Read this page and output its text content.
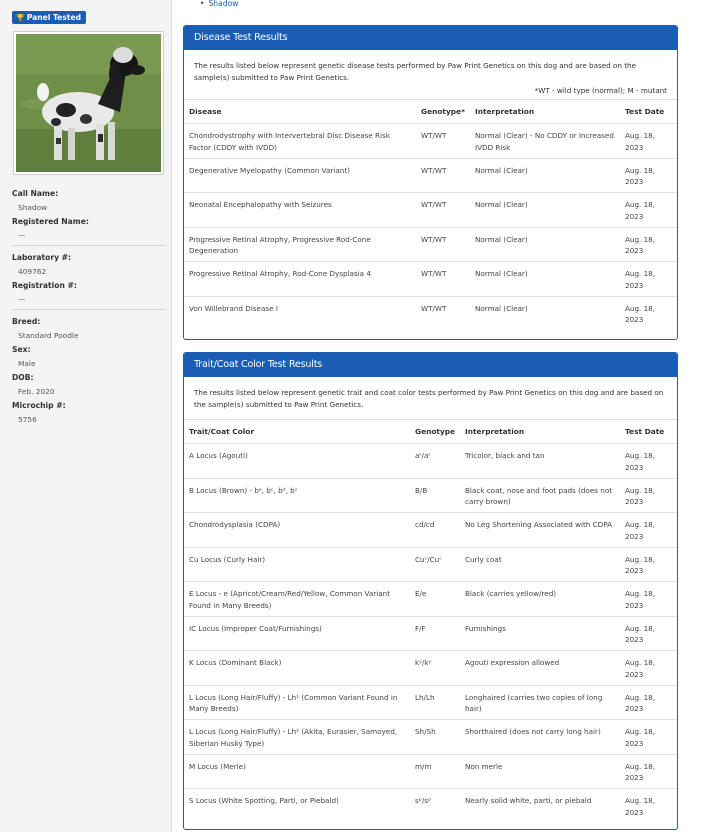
🏆 Panel Tested
Call Name:
Shadow
Registered Name:
—
Laboratory #:
409762
Registration #:
—
Breed:
Standard Poodle
Sex:
Male
DOB:
Feb. 2020
Microchip #:
5756
• Shadow
Disease Test Results
The results listed below represent genetic disease tests performed by Paw Print Genetics on this dog and are based on the sample(s) submitted to Paw Print Genetics.
*WT - wild type (normal); M - mutant
Disease	Genotype*	Interpretation	Test Date
Chondrodystrophy with Intervertebral Disc Disease Risk Factor (CDDY with IVDD)	WT/WT	Normal (Clear) - No CDDY or Increased IVDD Risk	Aug. 18, 2023
Degenerative Myelopathy (Common Variant)	WT/WT	Normal (Clear)	Aug. 18, 2023
Neonatal Encephalopathy with Seizures	WT/WT	Normal (Clear)	Aug. 18, 2023
Progressive Retinal Atrophy, Progressive Rod-Cone Degeneration	WT/WT	Normal (Clear)	Aug. 18, 2023
Progressive Retinal Atrophy, Rod-Cone Dysplasia 4	WT/WT	Normal (Clear)	Aug. 18, 2023
Von Willebrand Disease I	WT/WT	Normal (Clear)	Aug. 18, 2023
Trait/Coat Color Test Results
The results listed below represent genetic trait and coat color tests performed by Paw Print Genetics on this dog and are based on the sample(s) submitted to Paw Print Genetics.
Trait/Coat Color	Genotype	Interpretation	Test Date
A Locus (Agouti)	aᵗ/aᵗ	Tricolor, black and tan	Aug. 18, 2023
B Locus (Brown) - bᵃ, bᶜ, bᵈ, bˢ	B/B	Black coat, nose and foot pads (does not carry brown)	Aug. 18, 2023
Chondrodysplasia (CDPA)	cd/cd	No Leg Shortening Associated with CDPA	Aug. 18, 2023
Cu Locus (Curly Hair)	Cuᶜ/Cuᶜ	Curly coat	Aug. 18, 2023
E Locus - e (Apricot/Cream/Red/Yellow, Common Variant Found in Many Breeds)	E/e	Black (carries yellow/red)	Aug. 18, 2023
IC Locus (Improper Coat/Furnishings)	F/F	Furnishings	Aug. 18, 2023
K Locus (Dominant Black)	kʸ/kʸ	Agouti expression allowed	Aug. 18, 2023
L Locus (Long Hair/Fluffy) - Lh¹ (Common Variant Found in Many Breeds)	Lh/Lh	Longhaired (carries two copies of long hair)	Aug. 18, 2023
L Locus (Long Hair/Fluffy) - Lh² (Akita, Eurasier, Samoyed, Siberian Husky Type)	Sh/Sh	Shorthaired (does not carry long hair)	Aug. 18, 2023
M Locus (Merle)	m/m	Non merle	Aug. 18, 2023
S Locus (White Spotting, Parti, or Piebald)	sᵖ/sᵖ	Nearly solid white, parti, or piebald	Aug. 18, 2023
